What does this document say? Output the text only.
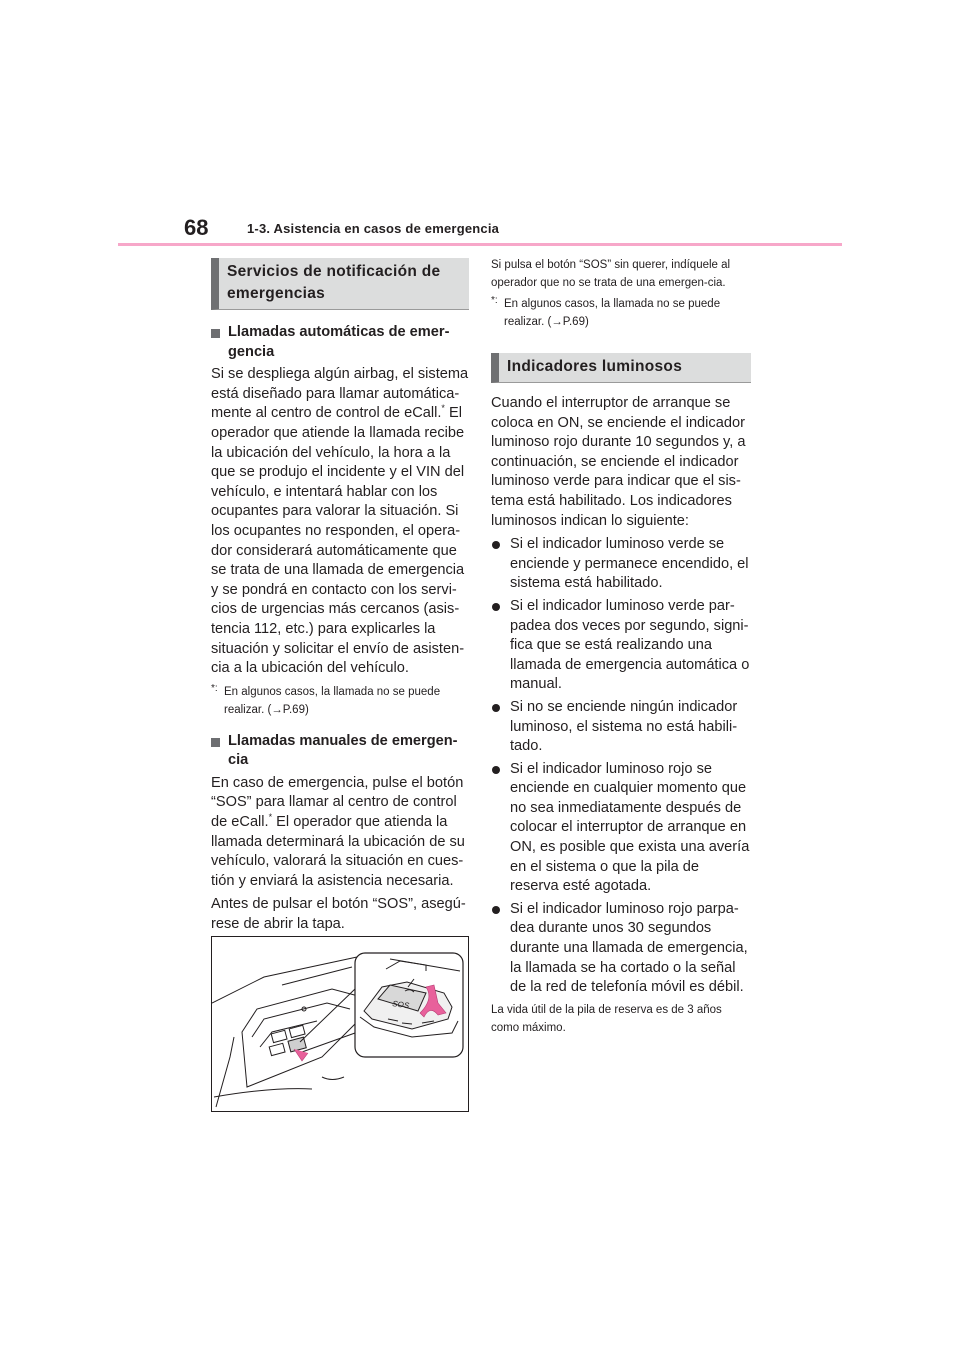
68	1-3. Asistencia en casos de emergencia
Servicios de notificación de emergencias
Llamadas automáticas de emer-gencia

Si se despliega algún airbag, el sistema está diseñado para llamar automática-mente al centro de control de eCall.* El operador que atiende la llamada recibe la ubicación del vehículo, la hora a la que se produjo el incidente y el VIN del vehículo, e intentará hablar con los ocupantes para valorar la situación. Si los ocupantes no responden, el opera-dor considerará automáticamente que se trata de una llamada de emergencia y se pondrá en contacto con los servi-cios de urgencias más cercanos (asis-tencia 112, etc.) para explicarles la situación y solicitar el envío de asisten-cia a la ubicación del vehículo.

*: En algunos casos, la llamada no se puede realizar. (→P.69)
Llamadas manuales de emergen-cia

En caso de emergencia, pulse el botón “SOS” para llamar al centro de control de eCall.* El operador que atienda la llamada determinará la ubicación de su vehículo, valorará la situación en cues-tión y enviará la asistencia necesaria.

Antes de pulsar el botón “SOS”, asegú-rese de abrir la tapa.

SOS

Si pulsa el botón “SOS” sin querer, indíquele al operador que no se trata de una emergen-cia.

*: En algunos casos, la llamada no se puede realizar. (→P.69)
Indicadores luminosos

Cuando el interruptor de arranque se coloca en ON, se enciende el indicador luminoso rojo durante 10 segundos y, a continuación, se enciende el indicador luminoso verde para indicar que el sis-tema está habilitado. Los indicadores luminosos indican lo siguiente:

Si el indicador luminoso verde se enciende y permanece encendido, el sistema está habilitado.
Si el indicador luminoso verde par-padea dos veces por segundo, signi-fica que se está realizando una llamada de emergencia automática o manual.
Si no se enciende ningún indicador luminoso, el sistema no está habili-tado.
Si el indicador luminoso rojo se enciende en cualquier momento que no sea inmediatamente después de colocar el interruptor de arranque en ON, es posible que exista una avería en el sistema o que la pila de reserva esté agotada.
Si el indicador luminoso rojo parpa-dea durante unos 30 segundos durante una llamada de emergencia, la llamada se ha cortado o la señal de la red de telefonía móvil es débil.

La vida útil de la pila de reserva es de 3 años como máximo.
